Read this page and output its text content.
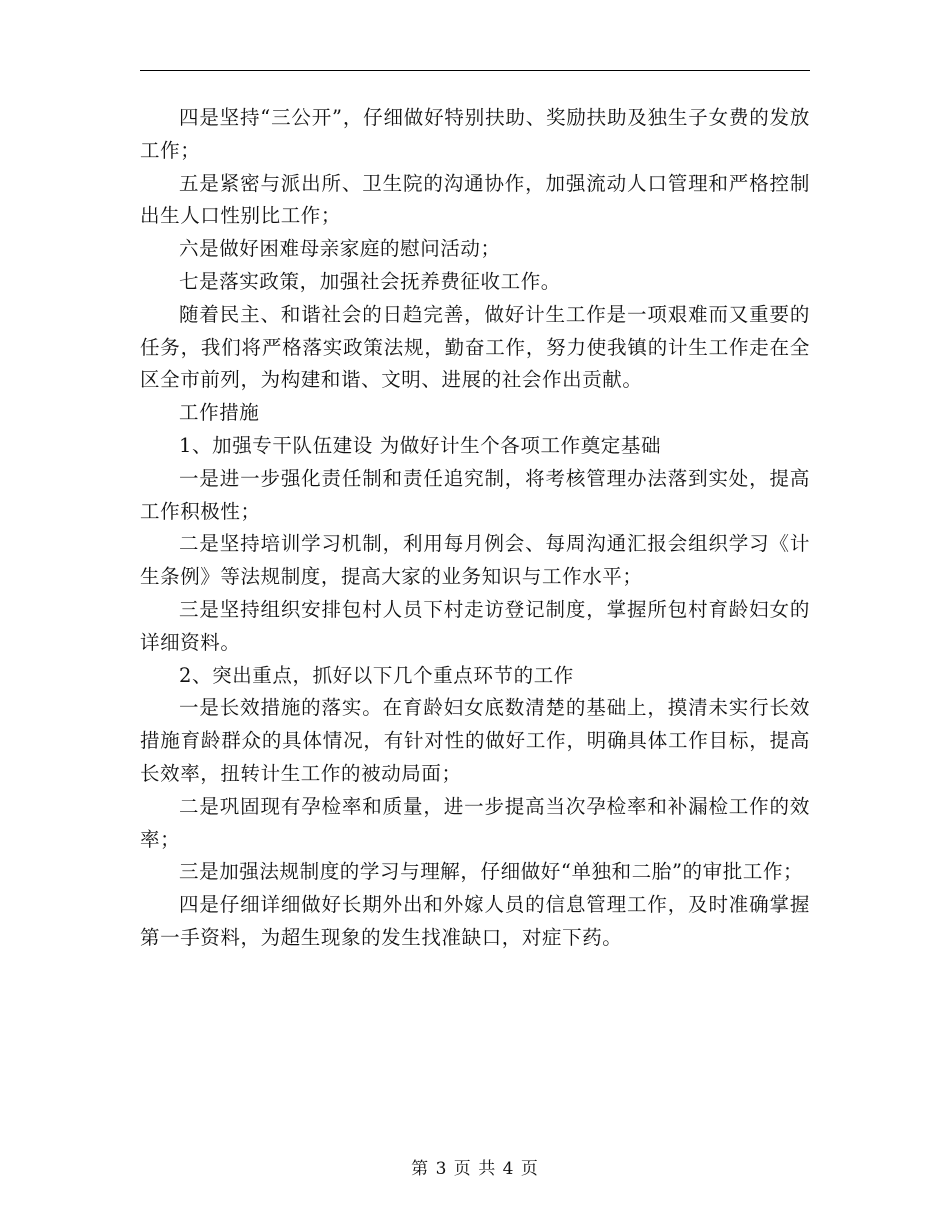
四是坚持“三公开”，仔细做好特别扶助、奖励扶助及独生子女费的发放工作；

五是紧密与派出所、卫生院的沟通协作，加强流动人口管理和严格控制出生人口性别比工作；

六是做好困难母亲家庭的慰问活动；

七是落实政策，加强社会抚养费征收工作。

随着民主、和谐社会的日趋完善，做好计生工作是一项艰难而又重要的任务，我们将严格落实政策法规，勤奋工作，努力使我镇的计生工作走在全区全市前列，为构建和谐、文明、进展的社会作出贡献。

工作措施

1、加强专干队伍建设 为做好计生个各项工作奠定基础

一是进一步强化责任制和责任追究制，将考核管理办法落到实处，提高工作积极性；

二是坚持培训学习机制，利用每月例会、每周沟通汇报会组织学习《计生条例》等法规制度，提高大家的业务知识与工作水平；

三是坚持组织安排包村人员下村走访登记制度，掌握所包村育龄妇女的详细资料。

2、突出重点，抓好以下几个重点环节的工作

一是长效措施的落实。在育龄妇女底数清楚的基础上，摸清未实行长效措施育龄群众的具体情况，有针对性的做好工作，明确具体工作目标，提高长效率，扭转计生工作的被动局面；

二是巩固现有孕检率和质量，进一步提高当次孕检率和补漏检工作的效率；

三是加强法规制度的学习与理解，仔细做好“单独和二胎”的审批工作；

四是仔细详细做好长期外出和外嫁人员的信息管理工作，及时准确掌握第一手资料，为超生现象的发生找准缺口，对症下药。

第 3 页 共 4 页
